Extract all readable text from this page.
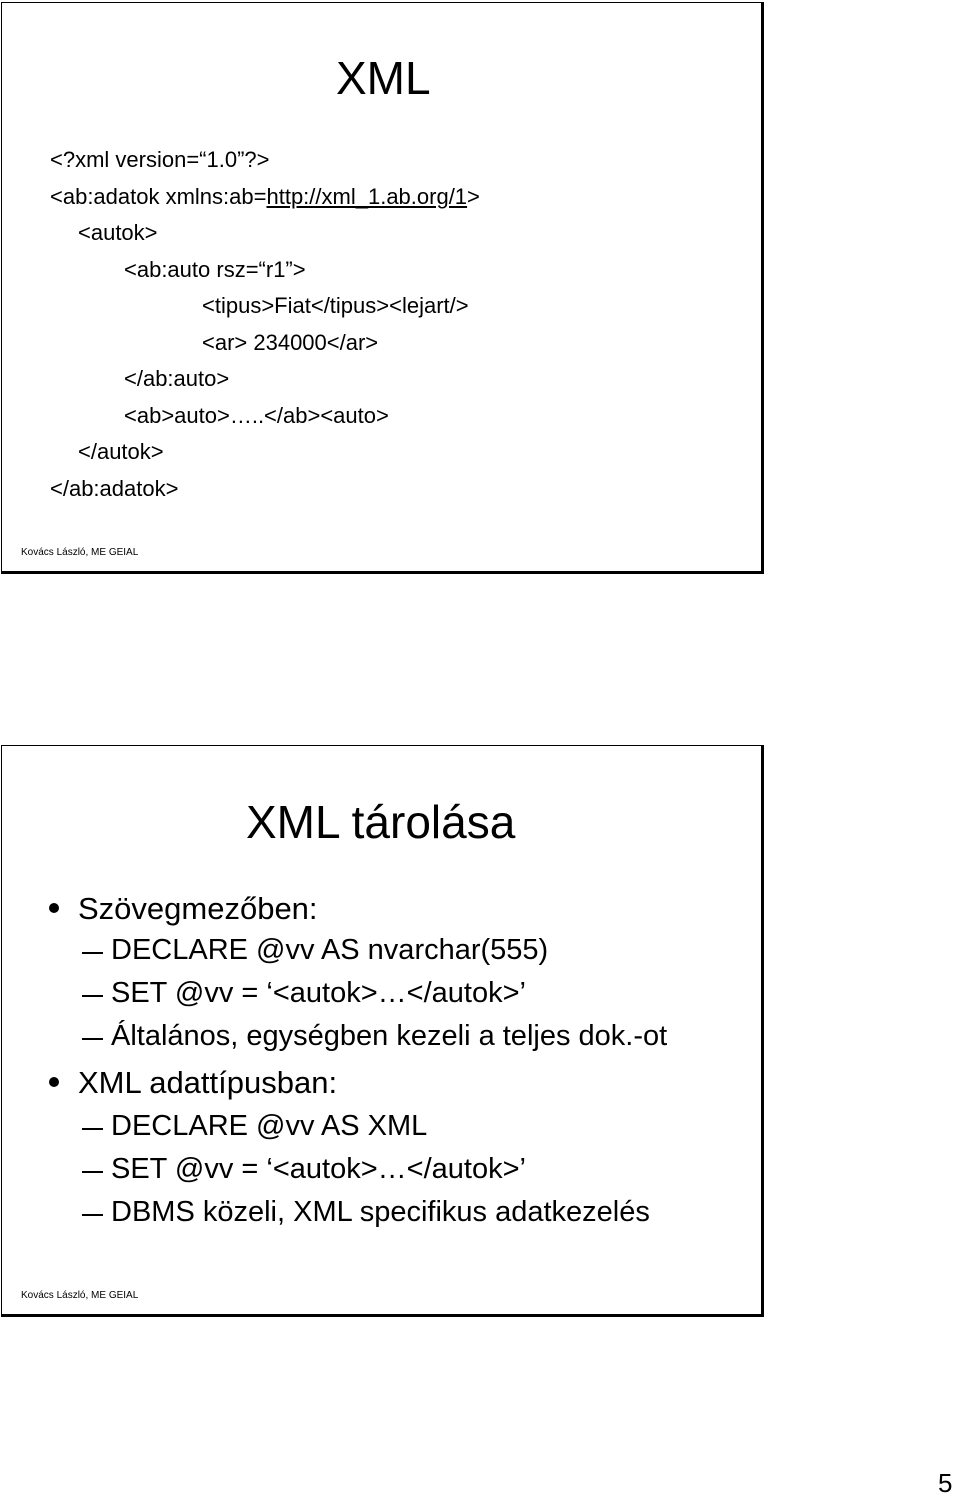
XML
<?xml version=“1.0”?>
<ab:adatok xmlns:ab=http://xml_1.ab.org/1>
<autok>
<ab:auto rsz=“r1”>
<tipus>Fiat</tipus><lejart/>
<ar> 234000</ar>
</ab:auto>
<ab>auto>…..</ab><auto>
</autok>
</ab:adatok>
Kovács László, ME GEIAL
XML tárolása
Szövegmezőben:
DECLARE @vv AS nvarchar(555)
SET @vv = ‘<autok>…</autok>’
Általános, egységben kezeli a teljes dok.-ot
XML adattípusban:
DECLARE @vv AS XML
SET @vv = ‘<autok>…</autok>’
DBMS közeli, XML specifikus adatkezelés
Kovács László, ME GEIAL
5
